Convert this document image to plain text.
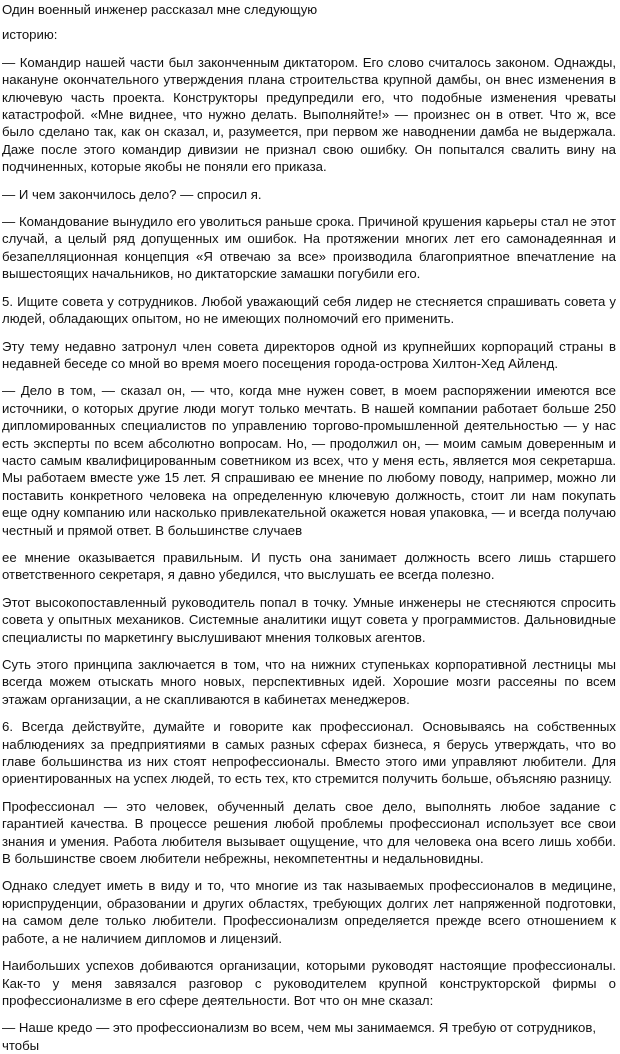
Один военный инженер рассказал мне следующую

историю:

— Командир нашей части был законченным диктатором. Его слово считалось законом. Однажды, накануне окончательного утверждения плана строительства крупной дамбы, он внес изменения в ключевую часть проекта. Конструкторы предупредили его, что подобные изменения чреваты катастрофой. «Мне виднее, что нужно делать. Выполняйте!» — произнес он в ответ. Что ж, все было сделано так, как он сказал, и, разумеется, при первом же наводнении дамба не выдержала. Даже после этого командир дивизии не признал свою ошибку. Он попытался свалить вину на подчиненных, которые якобы не поняли его приказа.

— И чем закончилось дело? — спросил я.

— Командование вынудило его уволиться раньше срока. Причиной крушения карьеры стал не этот случай, а целый ряд допущенных им ошибок. На протяжении многих лет его самонадеянная и безапелляционная концепция «Я отвечаю за все» производила благоприятное впечатление на вышестоящих начальников, но диктаторские замашки погубили его.

5. Ищите совета у сотрудников. Любой уважающий себя лидер не стесняется спрашивать совета у людей, обладающих опытом, но не имеющих полномочий его применить.

Эту тему недавно затронул член совета директоров одной из крупнейших корпораций страны в недавней беседе со мной во время моего посещения города-острова Хилтон-Хед Айленд.

— Дело в том, — сказал он, — что, когда мне нужен совет, в моем распоряжении имеются все источники, о которых другие люди могут только мечтать. В нашей компании работает больше 250 дипломированных специалистов по управлению торгово-промышленной деятельностью — у нас есть эксперты по всем абсолютно вопросам. Но, — продолжил он, — моим самым доверенным и часто самым квалифицированным советником из всех, что у меня есть, является моя секретарша. Мы работаем вместе уже 15 лет. Я спрашиваю ее мнение по любому поводу, например, можно ли поставить конкретного человека на определенную ключевую должность, стоит ли нам покупать еще одну компанию или насколько привлекательной окажется новая упаковка, — и всегда получаю честный и прямой ответ. В большинстве случаев

ее мнение оказывается правильным. И пусть она занимает должность всего лишь старшего ответственного секретаря, я давно убедился, что выслушать ее всегда полезно.

Этот высокопоставленный руководитель попал в точку. Умные инженеры не стесняются спросить совета у опытных механиков. Системные аналитики ищут совета у программистов. Дальновидные специалисты по маркетингу выслушивают мнения толковых агентов.

Суть этого принципа заключается в том, что на нижних ступеньках корпоративной лестницы мы всегда можем отыскать много новых, перспективных идей. Хорошие мозги рассеяны по всем этажам организации, а не скапливаются в кабинетах менеджеров.

6. Всегда действуйте, думайте и говорите как профессионал. Основываясь на собственных наблюдениях за предприятиями в самых разных сферах бизнеса, я берусь утверждать, что во главе большинства из них стоят непрофессионалы. Вместо этого ими управляют любители. Для ориентированных на успех людей, то есть тех, кто стремится получить больше, объясняю разницу.

Профессионал — это человек, обученный делать свое дело, выполнять любое задание с гарантией качества. В процессе решения любой проблемы профессионал использует все свои знания и умения. Работа любителя вызывает ощущение, что для человека она всего лишь хобби. В большинстве своем любители небрежны, некомпетентны и недальновидны.

Однако следует иметь в виду и то, что многие из так называемых профессионалов в медицине, юриспруденции, образовании и других областях, требующих долгих лет напряженной подготовки, на самом деле только любители. Профессионализм определяется прежде всего отношением к работе, а не наличием дипломов и лицензий.

Наибольших успехов добиваются организации, которыми руководят настоящие профессионалы. Как-то у меня завязался разговор с руководителем крупной конструкторской фирмы о профессионализме в его сфере деятельности. Вот что он мне сказал:

— Наше кредо — это профессионализм во всем, чем мы занимаемся. Я требую от сотрудников, чтобы
